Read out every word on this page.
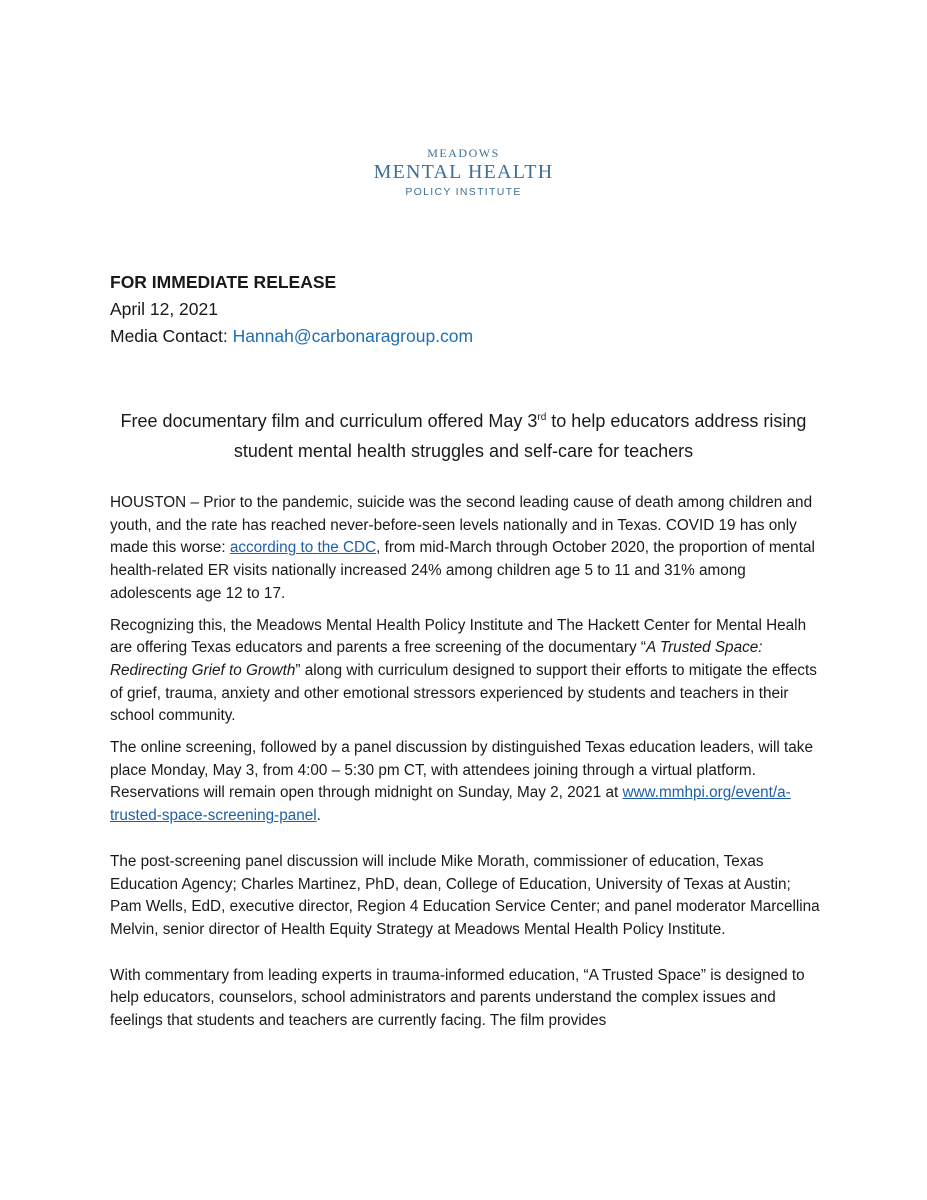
MEADOWS
MENTAL HEALTH
POLICY INSTITUTE
FOR IMMEDIATE RELEASE
April 12, 2021
Media Contact: Hannah@carbonaragroup.com
Free documentary film and curriculum offered May 3rd to help educators address rising student mental health struggles and self-care for teachers

HOUSTON – Prior to the pandemic, suicide was the second leading cause of death among children and youth, and the rate has reached never-before-seen levels nationally and in Texas. COVID 19 has only made this worse: according to the CDC, from mid-March through October 2020, the proportion of mental health-related ER visits nationally increased 24% among children age 5 to 11 and 31% among adolescents age 12 to 17.

Recognizing this, the Meadows Mental Health Policy Institute and The Hackett Center for Mental Healh are offering Texas educators and parents a free screening of the documentary “A Trusted Space: Redirecting Grief to Growth” along with curriculum designed to support their efforts to mitigate the effects of grief, trauma, anxiety and other emotional stressors experienced by students and teachers in their school community.

The online screening, followed by a panel discussion by distinguished Texas education leaders, will take place Monday, May 3, from 4:00 – 5:30 pm CT, with attendees joining through a virtual platform. Reservations will remain open through midnight on Sunday, May 2, 2021 at www.mmhpi.org/event/a-trusted-space-screening-panel.

The post-screening panel discussion will include Mike Morath, commissioner of education, Texas Education Agency; Charles Martinez, PhD, dean, College of Education, University of Texas at Austin; Pam Wells, EdD, executive director, Region 4 Education Service Center; and panel moderator Marcellina Melvin, senior director of Health Equity Strategy at Meadows Mental Health Policy Institute.

With commentary from leading experts in trauma-informed education, “A Trusted Space” is designed to help educators, counselors, school administrators and parents understand the complex issues and feelings that students and teachers are currently facing. The film provides
